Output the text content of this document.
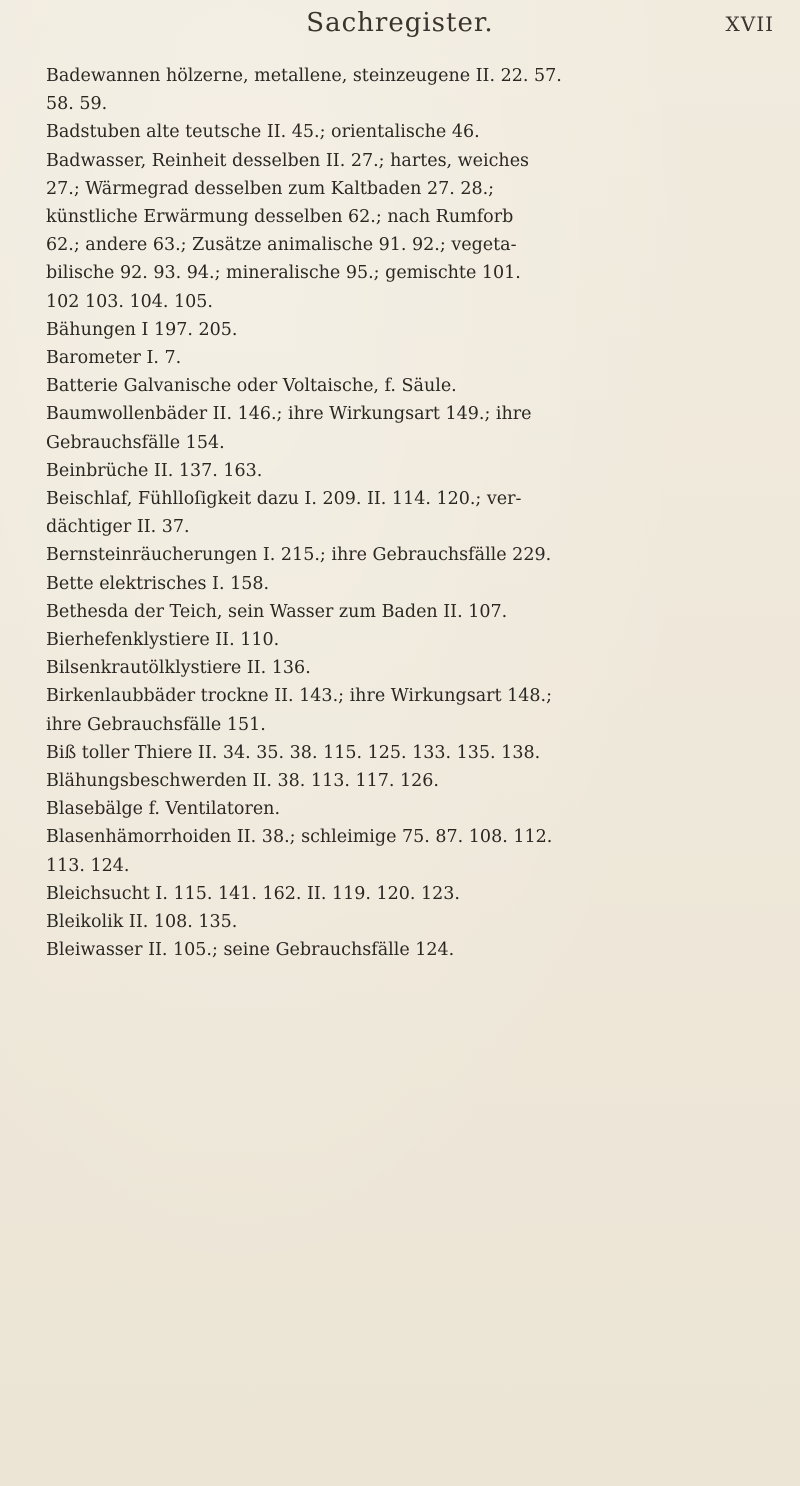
Sachregister.	XVII

Badewannen hölzerne, metallene, steinzeugene II. 22. 57.
58. 59.

Badstuben alte teutsche II. 45.; orientalische 46.

Badwasser, Reinheit desselben II. 27.; hartes, weiches
27.; Wärmegrad desselben zum Kaltbaden 27. 28.;
künstliche Erwärmung desselben 62.; nach Rumforb
62.; andere 63.; Zusätze animalische 91. 92.; vegeta-
bilische 92. 93. 94.; mineralische 95.; gemischte 101.
102 103. 104. 105.

Bähungen I 197. 205.

Barometer I. 7.

Batterie Galvanische oder Voltaische, f. Säule.

Baumwollenbäder II. 146.; ihre Wirkungsart 149.; ihre
Gebrauchsfälle 154.

Beinbrüche II. 137. 163.

Beischlaf, Fühlloſigkeit dazu I. 209. II. 114. 120.; ver-
dächtiger II. 37.

Bernsteinräucherungen I. 215.; ihre Gebrauchsfälle 229.

Bette elektrisches I. 158.

Bethesda der Teich, sein Wasser zum Baden II. 107.

Bierhefenklystiere II. 110.

Bilsenkrautölklystiere II. 136.

Birkenlaubbäder trockne II. 143.; ihre Wirkungsart 148.;
ihre Gebrauchsfälle 151.

Biß toller Thiere II. 34. 35. 38. 115. 125. 133. 135. 138.

Blähungsbeschwerden II. 38. 113. 117. 126.

Blasebälge f. Ventilatoren.

Blasenhämorrhoiden II. 38.; schleimige 75. 87. 108. 112.
113. 124.

Bleichsucht I. 115. 141. 162. II. 119. 120. 123.

Bleikolik II. 108. 135.

Bleiwasser II. 105.; seine Gebrauchsfälle 124.
